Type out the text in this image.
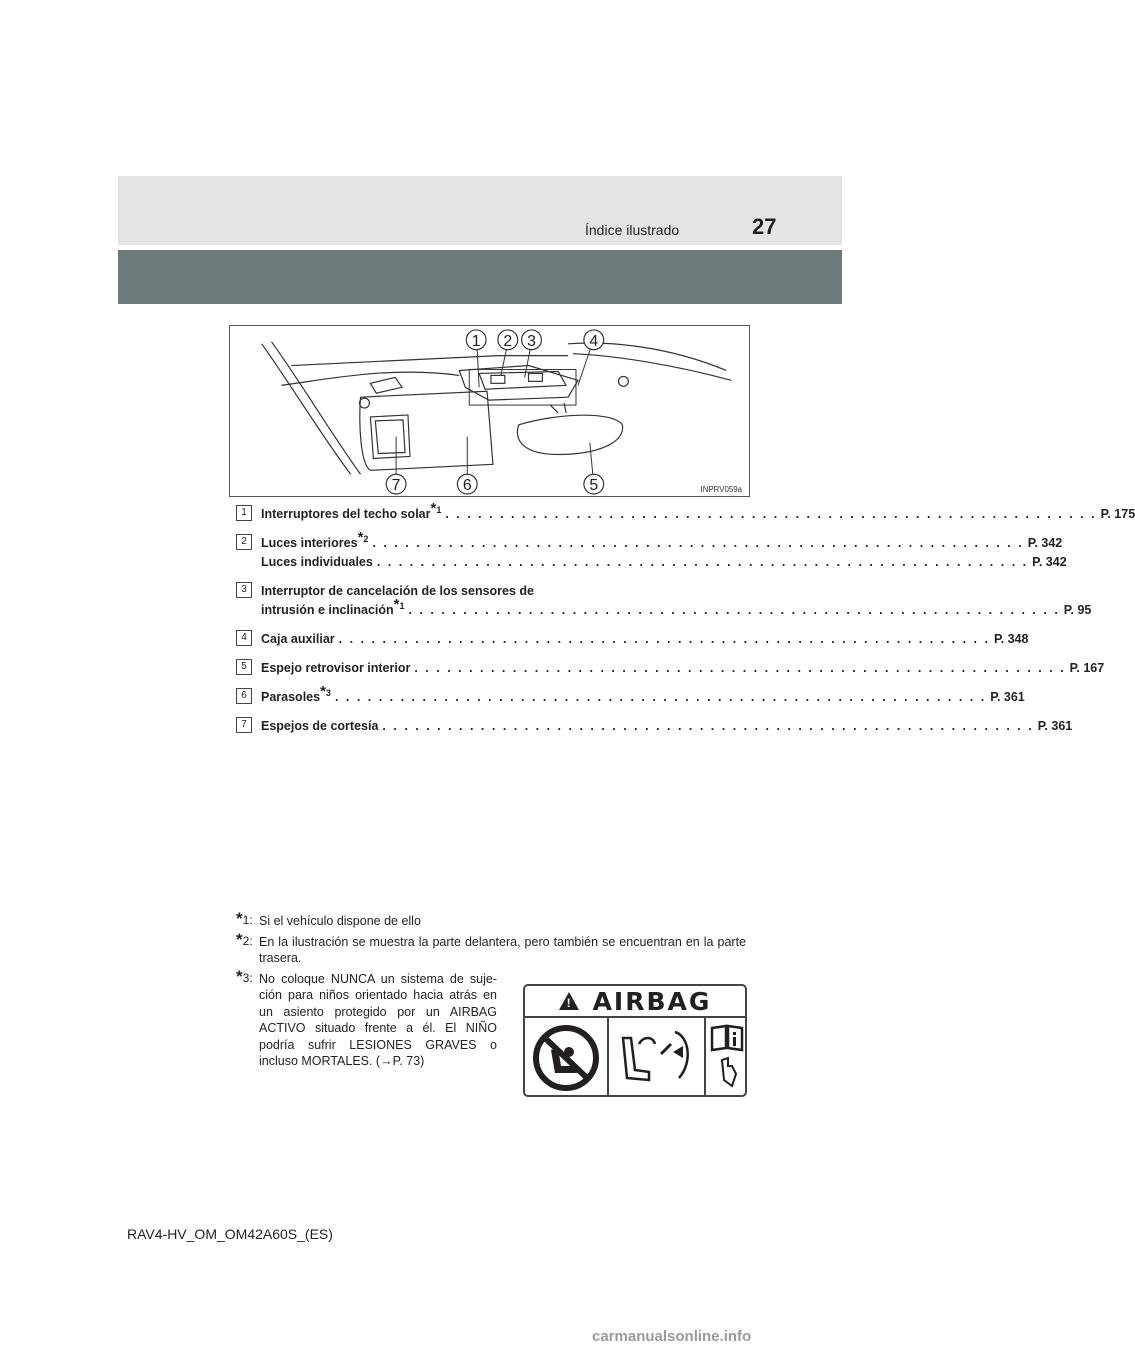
Índice ilustrado	27
1 2 3	4
5
6
7	INPRV059a
1	Interruptores del techo solar$^{*1}$ . . . . . . . . . . . . . . . . . . . . . . . . . . . . . . . . . . . . . . . . . . . . . . . . . . . . . . . . . . . . P. 175
2	Luces interiores$^{*2}$ . . . . . . . . . . . . . . . . . . . . . . . . . . . . . . . . . . . . . . . . . . . . . . . . . . . . . . . . . . . . P. 342
Luces individuales . . . . . . . . . . . . . . . . . . . . . . . . . . . . . . . . . . . . . . . . . . . . . . . . . . . . . . . . . . . . P. 342
3	Interruptor de cancelación de los sensores de
intrusión e inclinación$^{*1}$ . . . . . . . . . . . . . . . . . . . . . . . . . . . . . . . . . . . . . . . . . . . . . . . . . . . . . . . . . . . . P. 95
4	Caja auxiliar . . . . . . . . . . . . . . . . . . . . . . . . . . . . . . . . . . . . . . . . . . . . . . . . . . . . . . . . . . . . P. 348
5	Espejo retrovisor interior . . . . . . . . . . . . . . . . . . . . . . . . . . . . . . . . . . . . . . . . . . . . . . . . . . . . . . . . . . . . P. 167
6	Parasoles$^{*3}$ . . . . . . . . . . . . . . . . . . . . . . . . . . . . . . . . . . . . . . . . . . . . . . . . . . . . . . . . . . . . P. 361
7	Espejos de cortesía . . . . . . . . . . . . . . . . . . . . . . . . . . . . . . . . . . . . . . . . . . . . . . . . . . . . . . . . . . . . P. 361
*1: Si el vehículo dispone de ello
*2: En la ilustración se muestra la parte delantera, pero también se encuentran en la parte trasera.
*3: No coloque NUNCA un sistema de suje-ción para niños orientado hacia atrás en un asiento protegido por un AIRBAG ACTIVO situado frente a él. El NIÑO podría sufrir LESIONES GRAVES o incluso MORTALES. (→P. 73)
! AIRBAG
RAV4-HV_OM_OM42A60S_(ES)
carmanualsonline.info
